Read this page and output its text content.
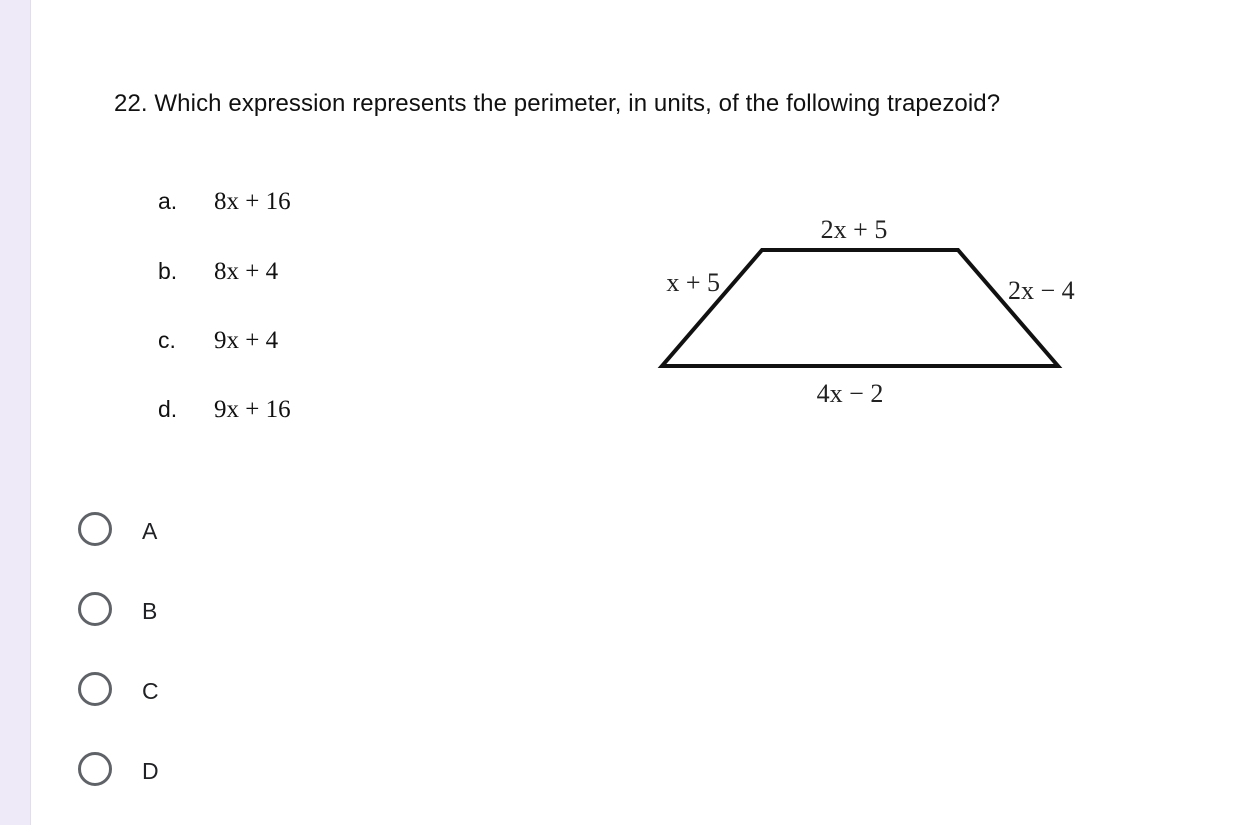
22. Which expression represents the perimeter, in units, of the following trapezoid?
a. 8x + 16
b. 8x + 4
c. 9x + 4
d. 9x + 16
2x + 5
x + 5	2x − 4
4x − 2
A
B
C
D
